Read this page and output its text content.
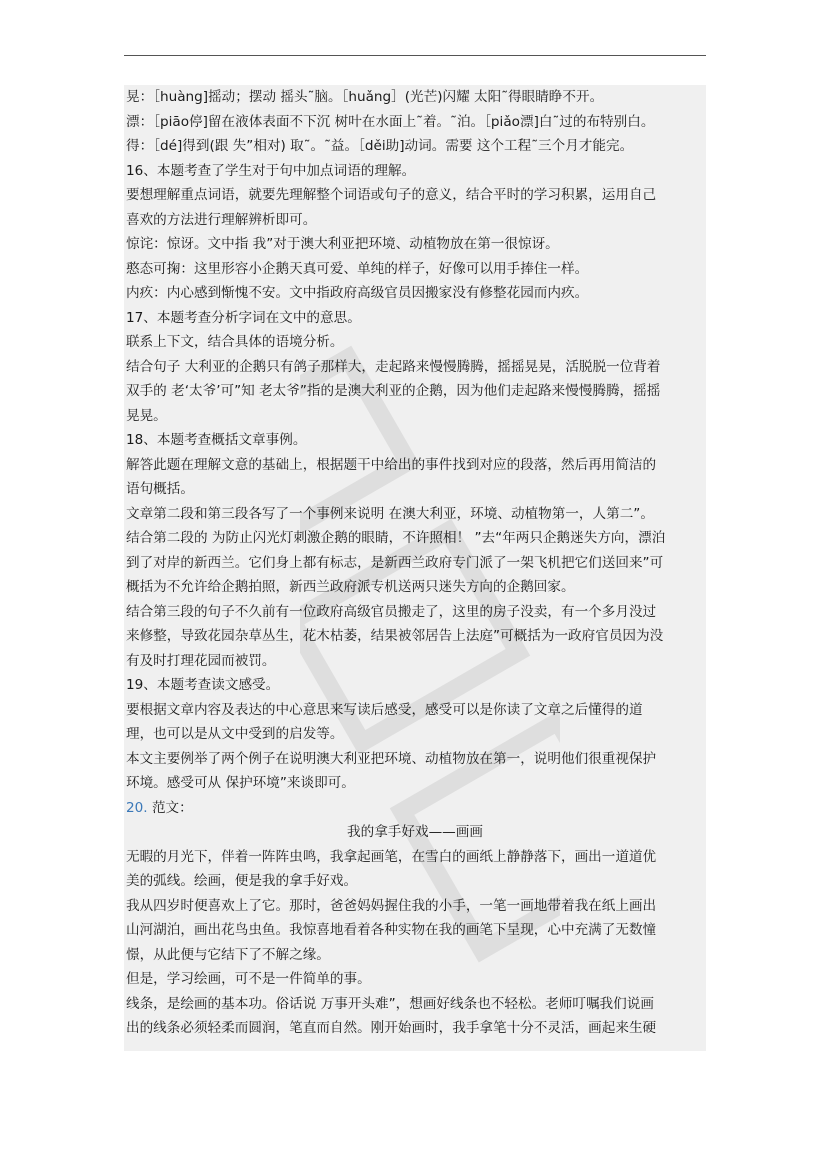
晃：［huàng]摇动；摆动 摇头˜脑。［huǎng］(光芒)闪耀 太阳˜得眼睛睁不开。
漂：［piāo停]留在液体表面不下沉 树叶在水面上˜着。˜泊。［piǎo漂]白˜过的布特别白。
得：［dé]得到(跟 失”相对) 取˜。˜益。［děi助]动词。需要 这个工程˜三个月才能完。
16、本题考查了学生对于句中加点词语的理解。
要想理解重点词语，就要先理解整个词语或句子的意义，结合平时的学习积累，运用自己
喜欢的方法进行理解辨析即可。
惊诧：惊讶。文中指 我”对于澳大利亚把环境、动植物放在第一很惊讶。
憨态可掬：这里形容小企鹅天真可爱、单纯的样子，好像可以用手捧住一样。
内疚：内心感到惭愧不安。文中指政府高级官员因搬家没有修整花园而内疚。
17、本题考查分析字词在文中的意思。
联系上下文，结合具体的语境分析。
结合句子 大利亚的企鹅只有鸽子那样大，走起路来慢慢腾腾，摇摇晃晃，活脱脱一位背着
双手的 老‘太爷’可”知 老太爷”指的是澳大利亚的企鹅，因为他们走起路来慢慢腾腾，摇摇
晃晃。
18、本题考查概括文章事例。
解答此题在理解文意的基础上，根据题干中给出的事件找到对应的段落，然后再用简洁的
语句概括。
文章第二段和第三段各写了一个事例来说明 在澳大利亚，环境、动植物第一，人第二”。
结合第二段的 为防止闪光灯刺激企鹅的眼睛，不许照相！ ”去“年两只企鹅迷失方向，漂泊
到了对岸的新西兰。它们身上都有标志，是新西兰政府专门派了一架飞机把它们送回来”可
概括为不允许给企鹅拍照，新西兰政府派专机送两只迷失方向的企鹅回家。
结合第三段的句子不久前有一位政府高级官员搬走了，这里的房子没卖，有一个多月没过
来修整，导致花园杂草丛生，花木枯萎，结果被邻居告上法庭”可概括为一政府官员因为没
有及时打理花园而被罚。
19、本题考查读文感受。
要根据文章内容及表达的中心意思来写读后感受，感受可以是你读了文章之后懂得的道
理，也可以是从文中受到的启发等。
本文主要例举了两个例子在说明澳大利亚把环境、动植物放在第一，说明他们很重视保护
环境。感受可从 保护环境”来谈即可。
20. 范文：
我的拿手好戏——画画
无暇的月光下，伴着一阵阵虫鸣，我拿起画笔，在雪白的画纸上静静落下，画出一道道优
美的弧线。绘画，便是我的拿手好戏。
我从四岁时便喜欢上了它。那时，爸爸妈妈握住我的小手，一笔一画地带着我在纸上画出
山河湖泊，画出花鸟虫鱼。我惊喜地看着各种实物在我的画笔下呈现，心中充满了无数憧
憬，从此便与它结下了不解之缘。
但是，学习绘画，可不是一件简单的事。
线条，是绘画的基本功。俗话说 万事开头难”，想画好线条也不轻松。老师叮嘱我们说画
出的线条必须轻柔而圆润，笔直而自然。刚开始画时，我手拿笔十分不灵活，画起来生硬
